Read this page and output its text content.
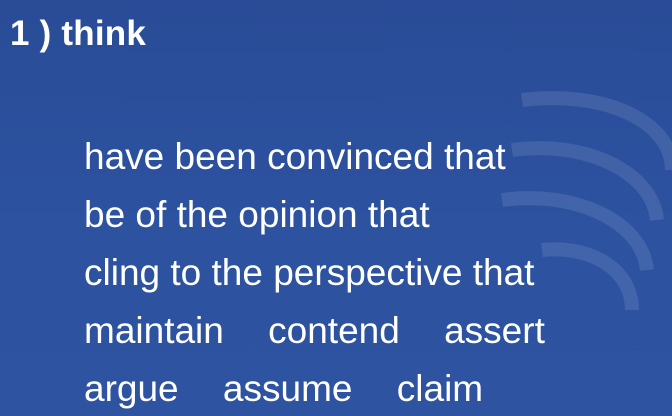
1 ) think
have been convinced that
be of the opinion that
cling to the perspective that
maintain contend assert
argue assume claim
